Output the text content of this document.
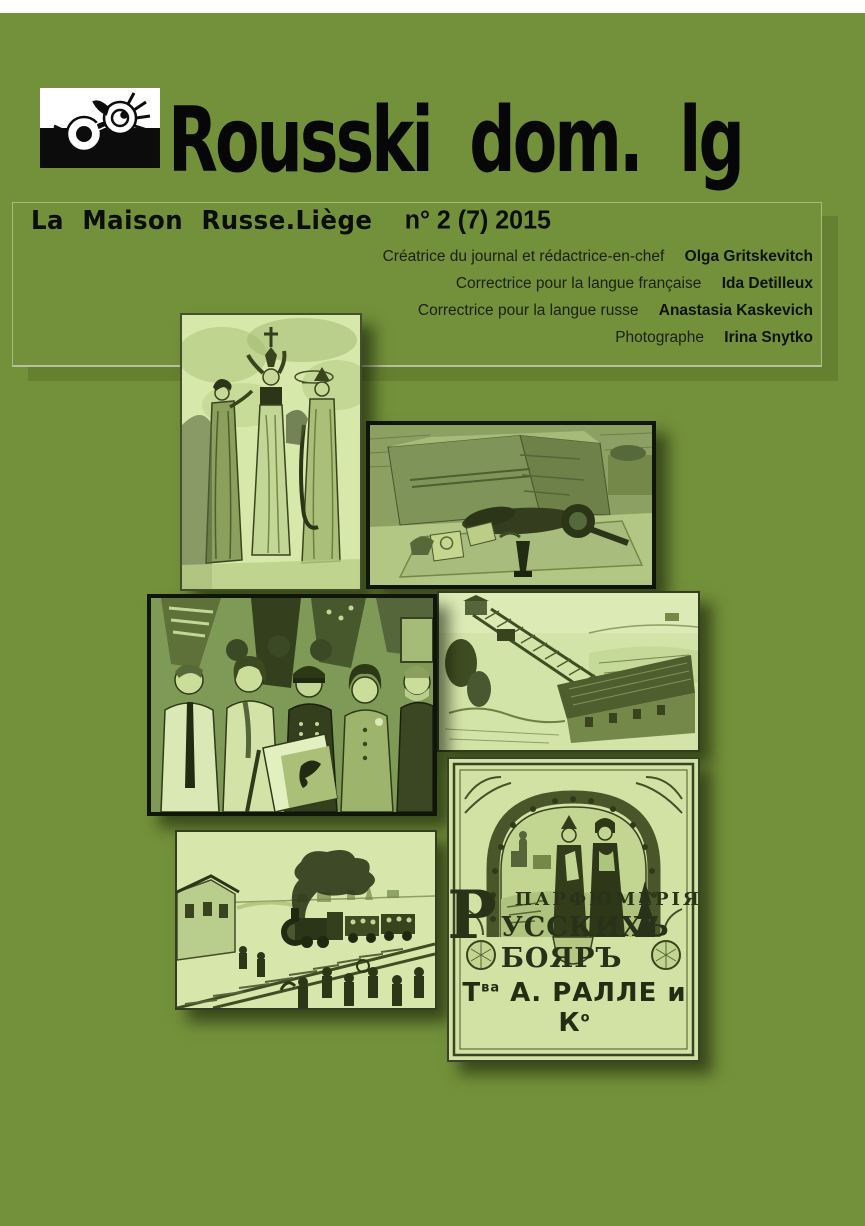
Rousski dom. lg
La Maison Russe.Liège n° 2 (7) 2015
Créatrice du journal et rédactrice-en-chef Olga Gritskevitch
Correctrice pour la langue française Ida Detilleux
Correctrice pour la langue russe Anastasia Kaskevich
Photographe Irina Snytko
Р ПАРФЮМЕРІЯ
УССКИХЪ БОЯРЪ
$Т^{ва}$ А. РАЛЛЕ и $К^о$
